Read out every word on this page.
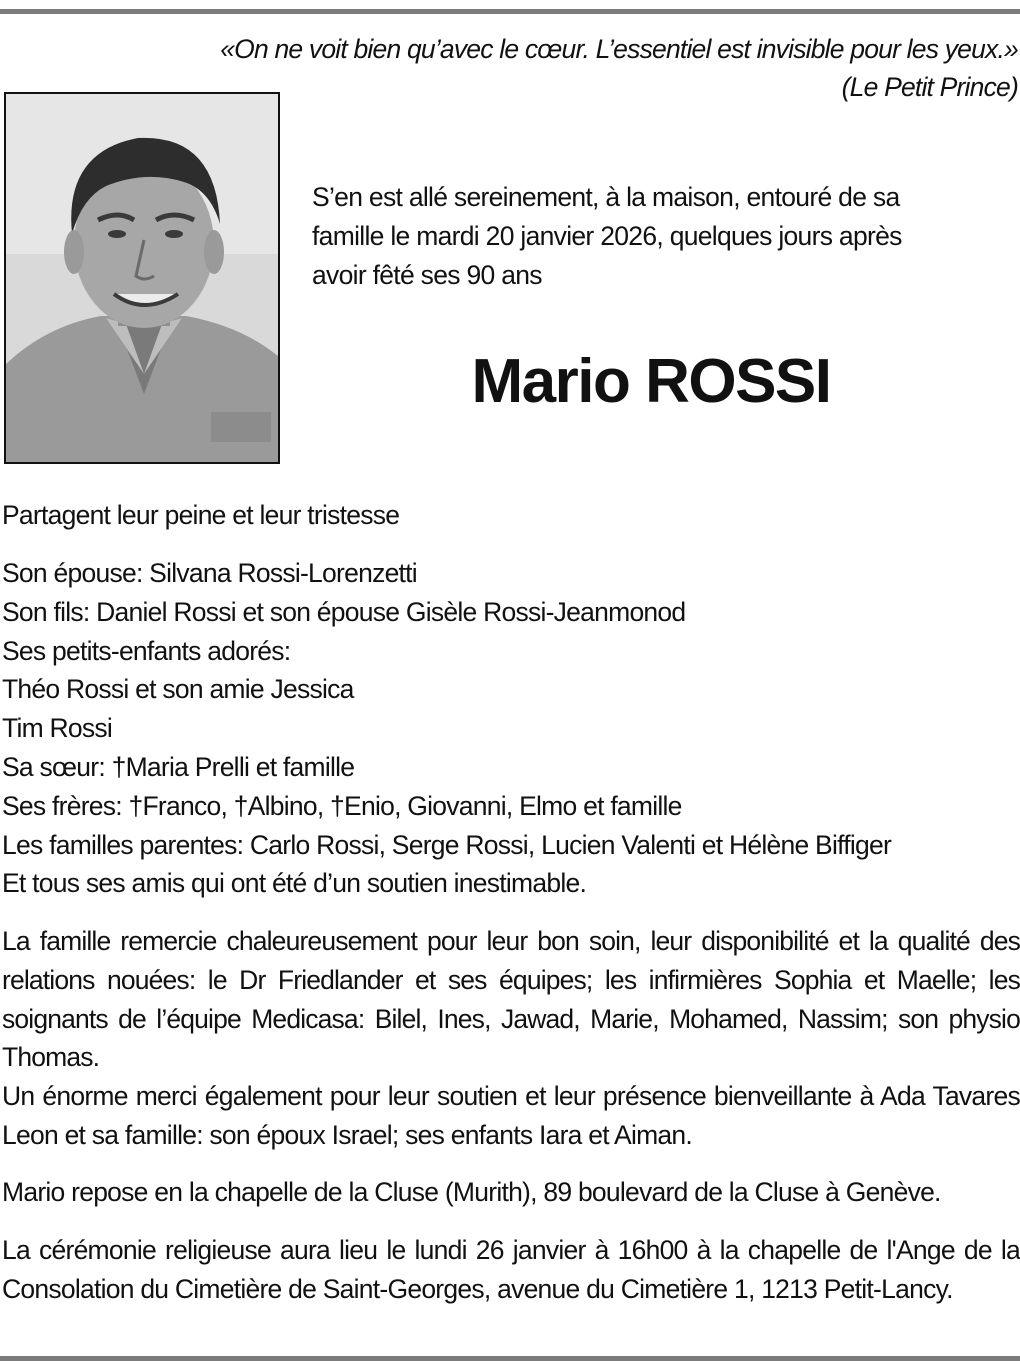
«On ne voit bien qu’avec le cœur. L’essentiel est invisible pour les yeux.»
(Le Petit Prince)
S’en est allé sereinement, à la maison, entouré de sa
famille le mardi 20 janvier 2026, quelques jours après
avoir fêté ses 90 ans
Mario ROSSI
Partagent leur peine et leur tristesse
Son épouse: Silvana Rossi-Lorenzetti
Son fils: Daniel Rossi et son épouse Gisèle Rossi-Jeanmonod
Ses petits-enfants adorés:
Théo Rossi et son amie Jessica
Tim Rossi
Sa sœur: †Maria Prelli et famille
Ses frères: †Franco, †Albino, †Enio, Giovanni, Elmo et famille
Les familles parentes: Carlo Rossi, Serge Rossi, Lucien Valenti et Hélène Biffiger
Et tous ses amis qui ont été d’un soutien inestimable.
La famille remercie chaleureusement pour leur bon soin, leur disponibilité et la qualité des relations nouées: le Dr Friedlander et ses équipes; les infirmières Sophia et Maelle; les soignants de l’équipe Medicasa: Bilel, Ines, Jawad, Marie, Mohamed, Nassim; son physio Thomas.
Un énorme merci également pour leur soutien et leur présence bienveillante à Ada Tavares Leon et sa famille: son époux Israel; ses enfants Iara et Aiman.
Mario repose en la chapelle de la Cluse (Murith), 89 boulevard de la Cluse à Genève.
La cérémonie religieuse aura lieu le lundi 26 janvier à 16h00 à la chapelle de l'Ange de la Consolation du Cimetière de Saint-Georges, avenue du Cimetière 1, 1213 Petit-Lancy.
